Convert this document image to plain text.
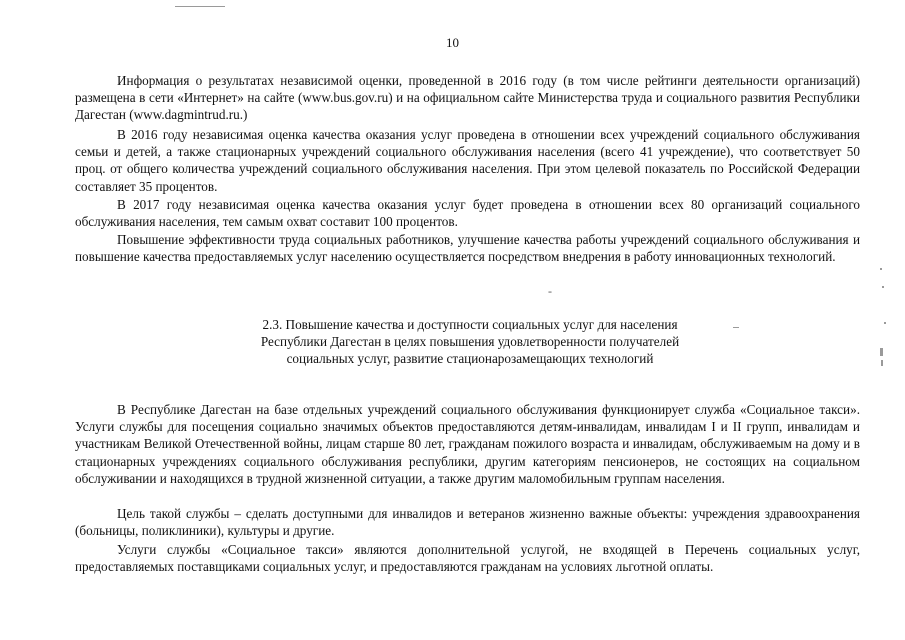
10

Информация о результатах независимой оценки, проведенной в 2016 году (в том числе рейтинги деятельности организаций) размещена в сети «Интернет» на сайте (www.bus.gov.ru) и на официальном сайте Министерства труда и социального развития Республики Дагестан (www.dagmintrud.ru.)

В 2016 году независимая оценка качества оказания услуг проведена в отношении всех учреждений социального обслуживания семьи и детей, а также стационарных учреждений социального обслуживания населения (всего 41 учреждение), что соответствует 50 проц. от общего количества учреждений социального обслуживания населения. При этом целевой показатель по Российской Федерации составляет 35 процентов.

В 2017 году независимая оценка качества оказания услуг будет проведена в отношении всех 80 организаций социального обслуживания населения, тем самым охват составит 100 процентов.

Повышение эффективности труда социальных работников, улучшение качества работы учреждений социального обслуживания и повышение качества предоставляемых услуг населению осуществляется посредством внедрения в работу инновационных технологий.

-
2.3. Повышение качества и доступности социальных услуг для населения
Республики Дагестан в целях повышения удовлетворенности получателей
социальных услуг, развитие стационарозамещающих технологий

В Республике Дагестан на базе отдельных учреждений социального обслуживания функционирует служба «Социальное такси». Услуги службы для посещения социально значимых объектов предоставляются детям-инвалидам, инвалидам I и II групп, инвалидам и участникам Великой Отечественной войны, лицам старше 80 лет, гражданам пожилого возраста и инвалидам, обслуживаемым на дому и в стационарных учреждениях социального обслуживания республики, другим категориям пенсионеров, не состоящих на социальном обслуживании и находящихся в трудной жизненной ситуации, а также другим маломобильным группам населения.

Цель такой службы – сделать доступными для инвалидов и ветеранов жизненно важные объекты: учреждения здравоохранения (больницы, поликлиники), культуры и другие.

Услуги службы «Социальное такси» являются дополнительной услугой, не входящей в Перечень социальных услуг, предоставляемых поставщиками социальных услуг, и предоставляются гражданам на условиях льготной оплаты.
